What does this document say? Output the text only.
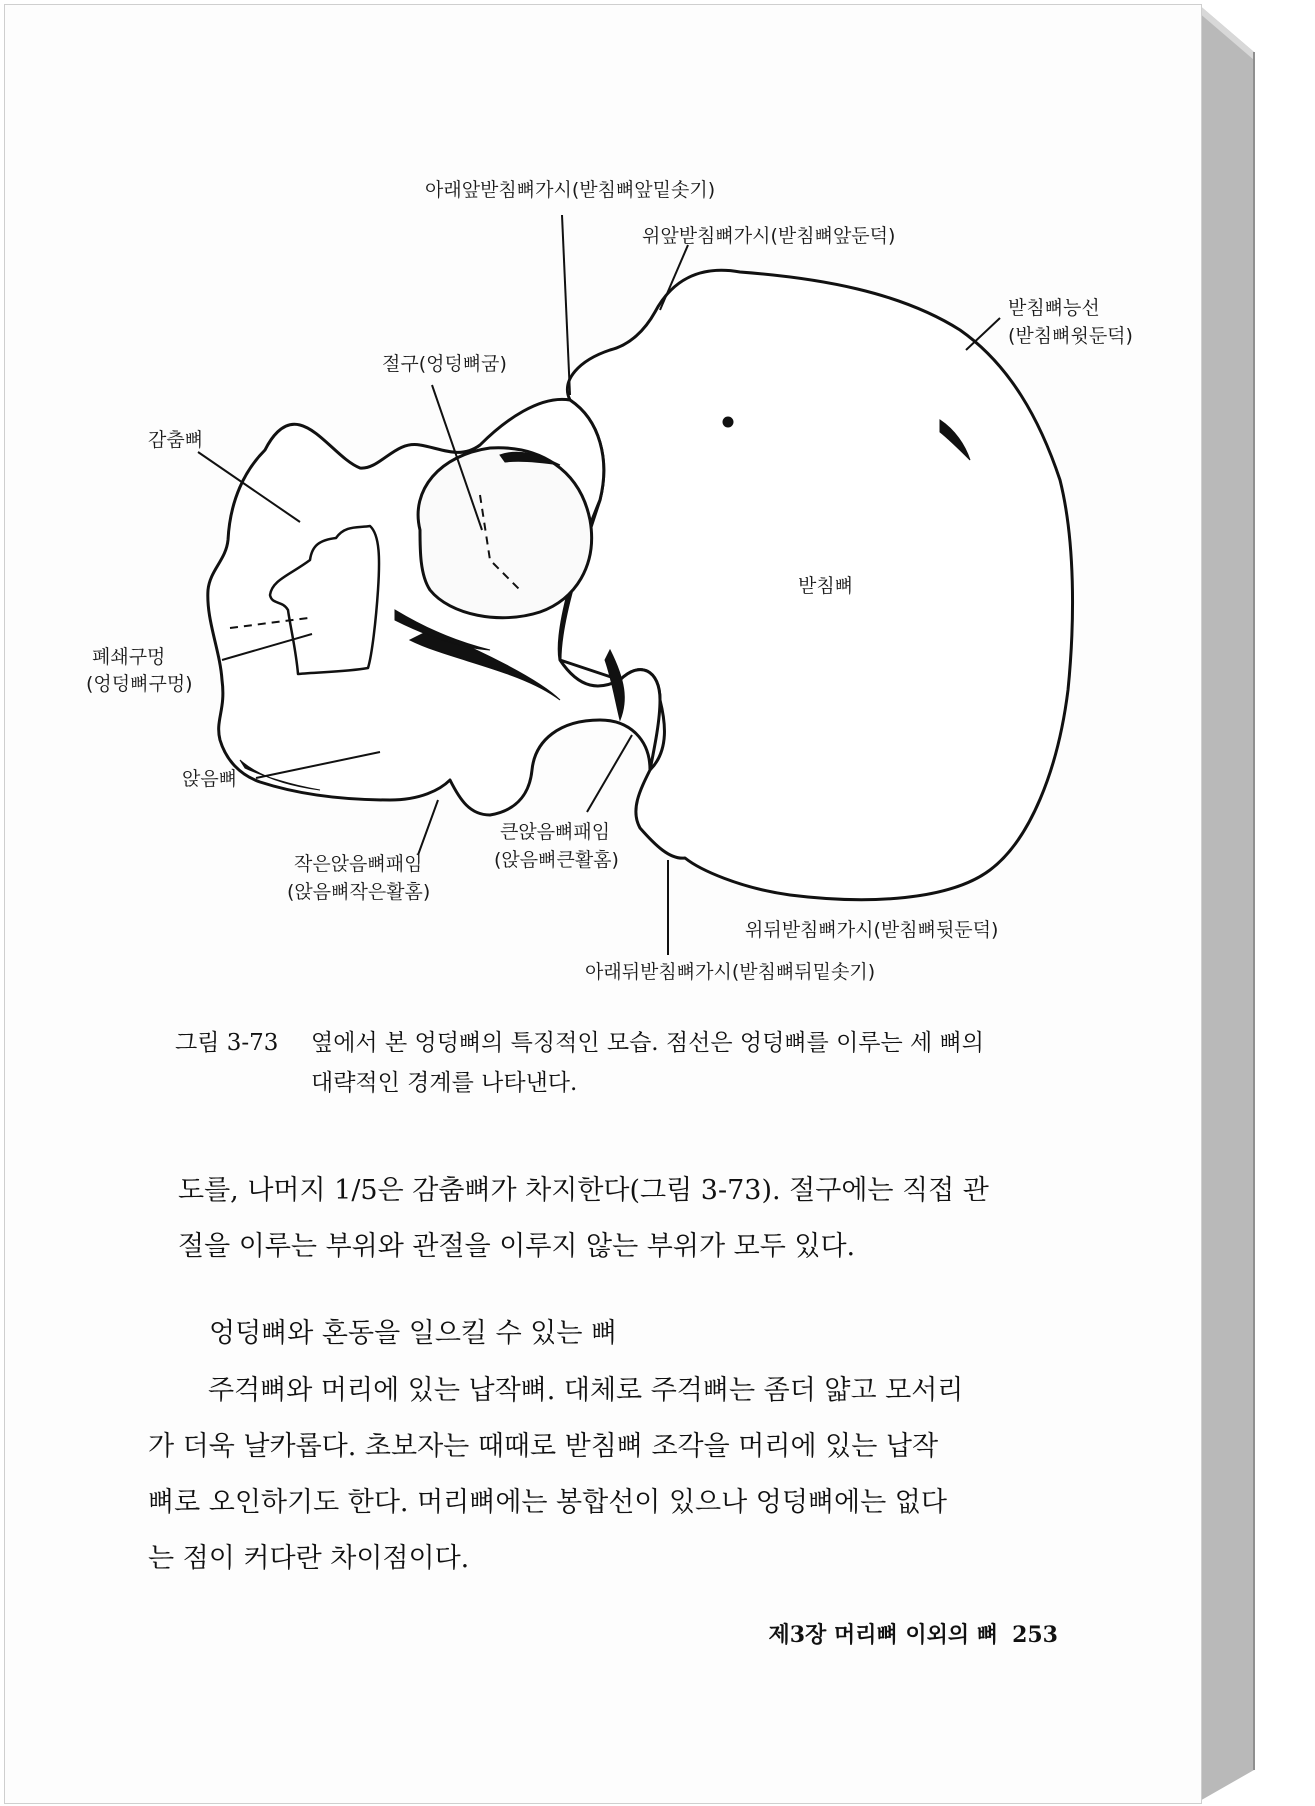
아래앞받침뼈가시(받침뼈앞밑솟기)
위앞받침뼈가시(받침뼈앞둔덕)
받침뼈능선
(받침뼈윗둔덕)
절구(엉덩뼈굼)
감춤뼈
받침뼈
폐쇄구멍
(엉덩뼈구멍)
앉음뼈
큰앉음뼈패임
(앉음뼈큰활홈)
작은앉음뼈패임
(앉음뼈작은활홈)
위뒤받침뼈가시(받침뼈뒷둔덕)
아래뒤받침뼈가시(받침뼈뒤밑솟기)
그림 3-73 옆에서 본 엉덩뼈의 특징적인 모습. 점선은 엉덩뼈를 이루는 세 뼈의
대략적인 경계를 나타낸다.
도를, 나머지 1/5은 감춤뼈가 차지한다(그림 3-73). 절구에는 직접 관
절을 이루는 부위와 관절을 이루지 않는 부위가 모두 있다.
엉덩뼈와 혼동을 일으킬 수 있는 뼈
주걱뼈와 머리에 있는 납작뼈. 대체로 주걱뼈는 좀더 얇고 모서리
가 더욱 날카롭다. 초보자는 때때로 받침뼈 조각을 머리에 있는 납작
뼈로 오인하기도 한다. 머리뼈에는 봉합선이 있으나 엉덩뼈에는 없다
는 점이 커다란 차이점이다.
제3장 머리뼈 이외의 뼈 253
